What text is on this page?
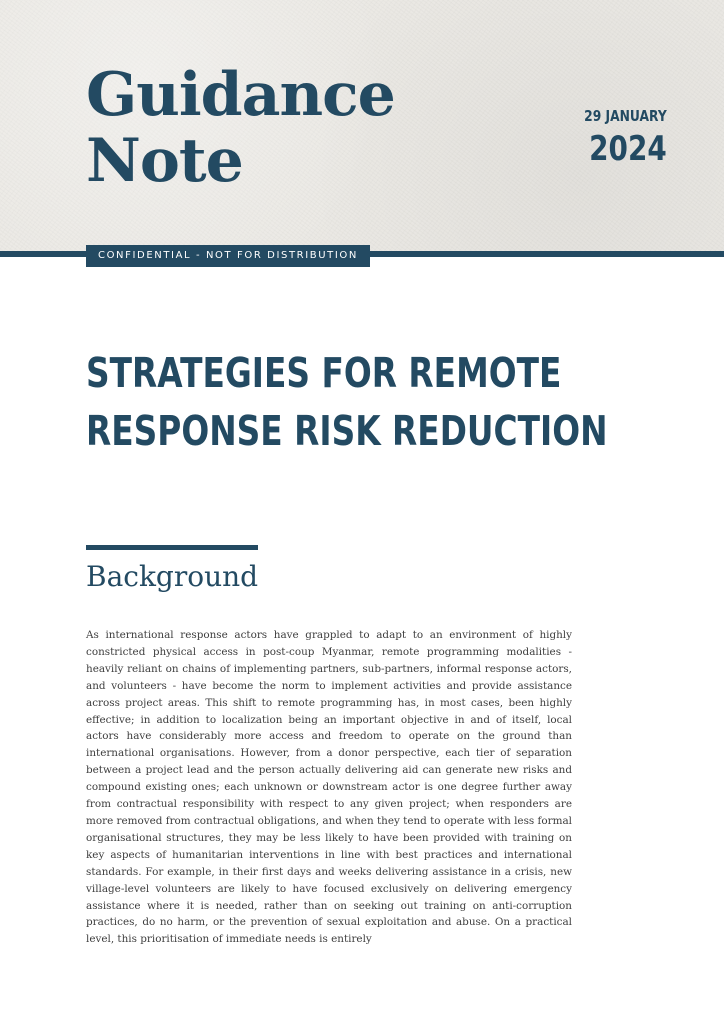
Guidance
Note
29 JANUARY
2024
CONFIDENTIAL - NOT FOR DISTRIBUTION
STRATEGIES FOR REMOTE
RESPONSE RISK REDUCTION
Background

As international response actors have grappled to adapt to an environment of highly constricted physical access in post-coup Myanmar, remote programming modalities - heavily reliant on chains of implementing partners, sub-partners, informal response actors, and volunteers - have become the norm to implement activities and provide assistance across project areas. This shift to remote programming has, in most cases, been highly effective; in addition to localization being an important objective in and of itself, local actors have considerably more access and freedom to operate on the ground than international organisations. However, from a donor perspective, each tier of separation between a project lead and the person actually delivering aid can generate new risks and compound existing ones; each unknown or downstream actor is one degree further away from contractual responsibility with respect to any given project; when responders are more removed from contractual obligations, and when they tend to operate with less formal organisational structures, they may be less likely to have been provided with training on key aspects of humanitarian interventions in line with best practices and international standards. For example, in their first days and weeks delivering assistance in a crisis, new village-level volunteers are likely to have focused exclusively on delivering emergency assistance where it is needed, rather than on seeking out training on anti-corruption practices, do no harm, or the prevention of sexual exploitation and abuse. On a practical level, this prioritisation of immediate needs is entirely
